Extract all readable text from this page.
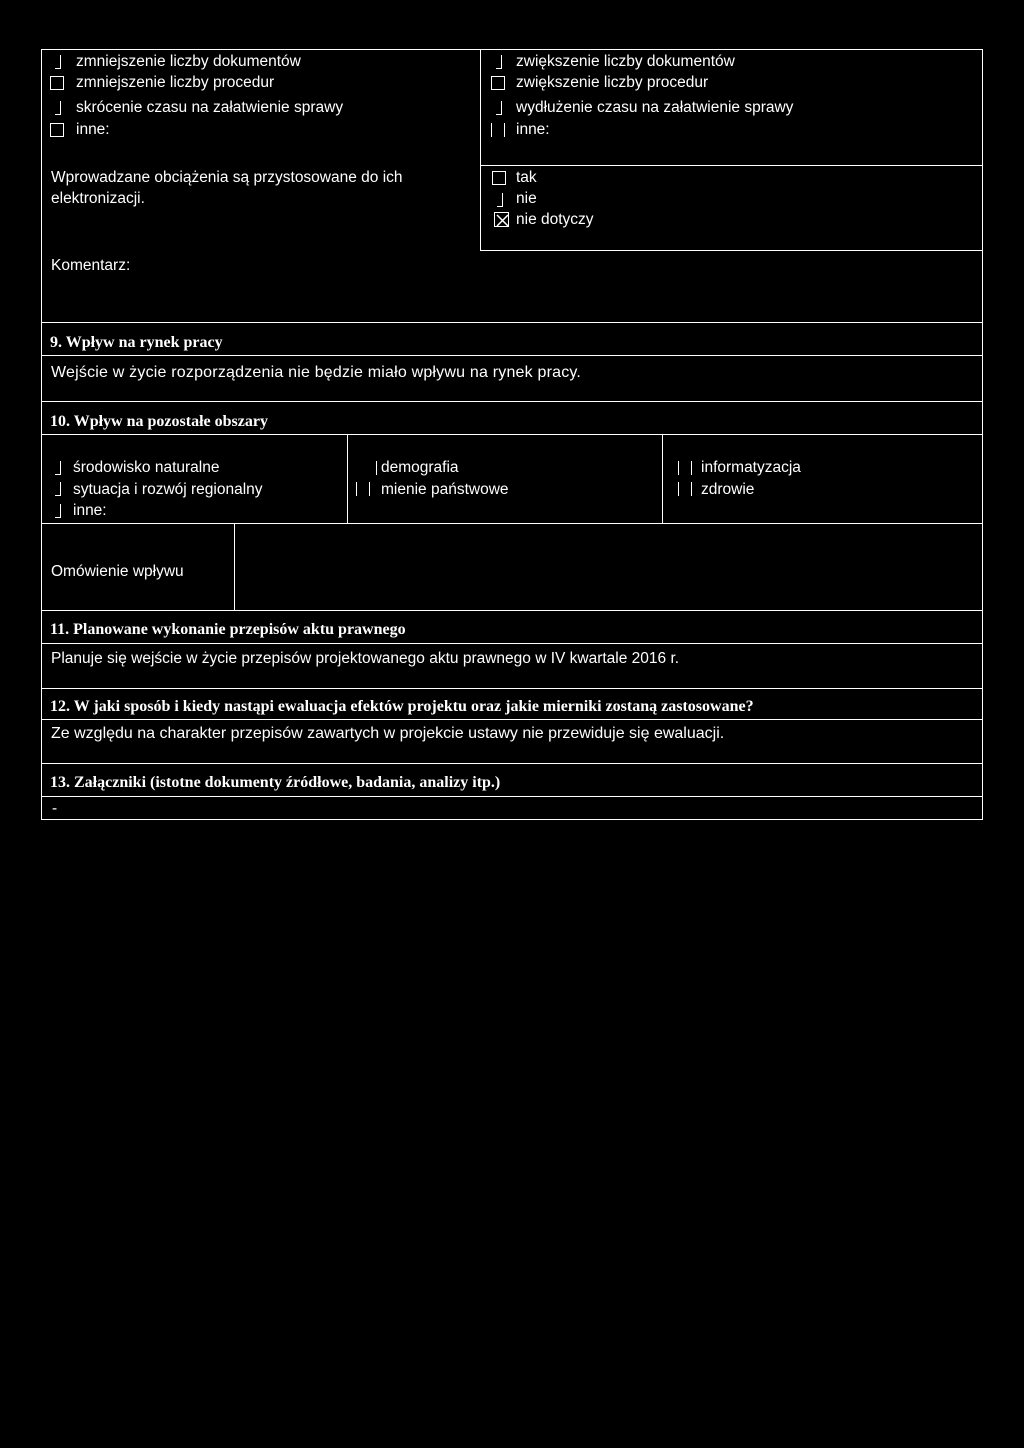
zmniejszenie liczby dokumentów
zmniejszenie liczby procedur
skrócenie czasu na załatwienie sprawy
inne:
Wprowadzane obciążenia są przystosowane do ich
elektronizacji.
Komentarz:
zwiększenie liczby dokumentów
zwiększenie liczby procedur
wydłużenie czasu na załatwienie sprawy
inne:
tak
nie
nie dotyczy
9. Wpływ na rynek pracy
Wejście w życie rozporządzenia nie będzie miało wpływu na rynek pracy.
10. Wpływ na pozostałe obszary
środowisko naturalne
sytuacja i rozwój regionalny
inne:
demografia
mienie państwowe
informatyzacja
zdrowie
Omówienie wpływu
11. Planowane wykonanie przepisów aktu prawnego
Planuje się wejście w życie przepisów projektowanego aktu prawnego w IV kwartale 2016 r.
12. W jaki sposób i kiedy nastąpi ewaluacja efektów projektu oraz jakie mierniki zostaną zastosowane?
Ze względu na charakter przepisów zawartych w projekcie ustawy nie przewiduje się ewaluacji.
13. Załączniki (istotne dokumenty źródłowe, badania, analizy itp.)
-
